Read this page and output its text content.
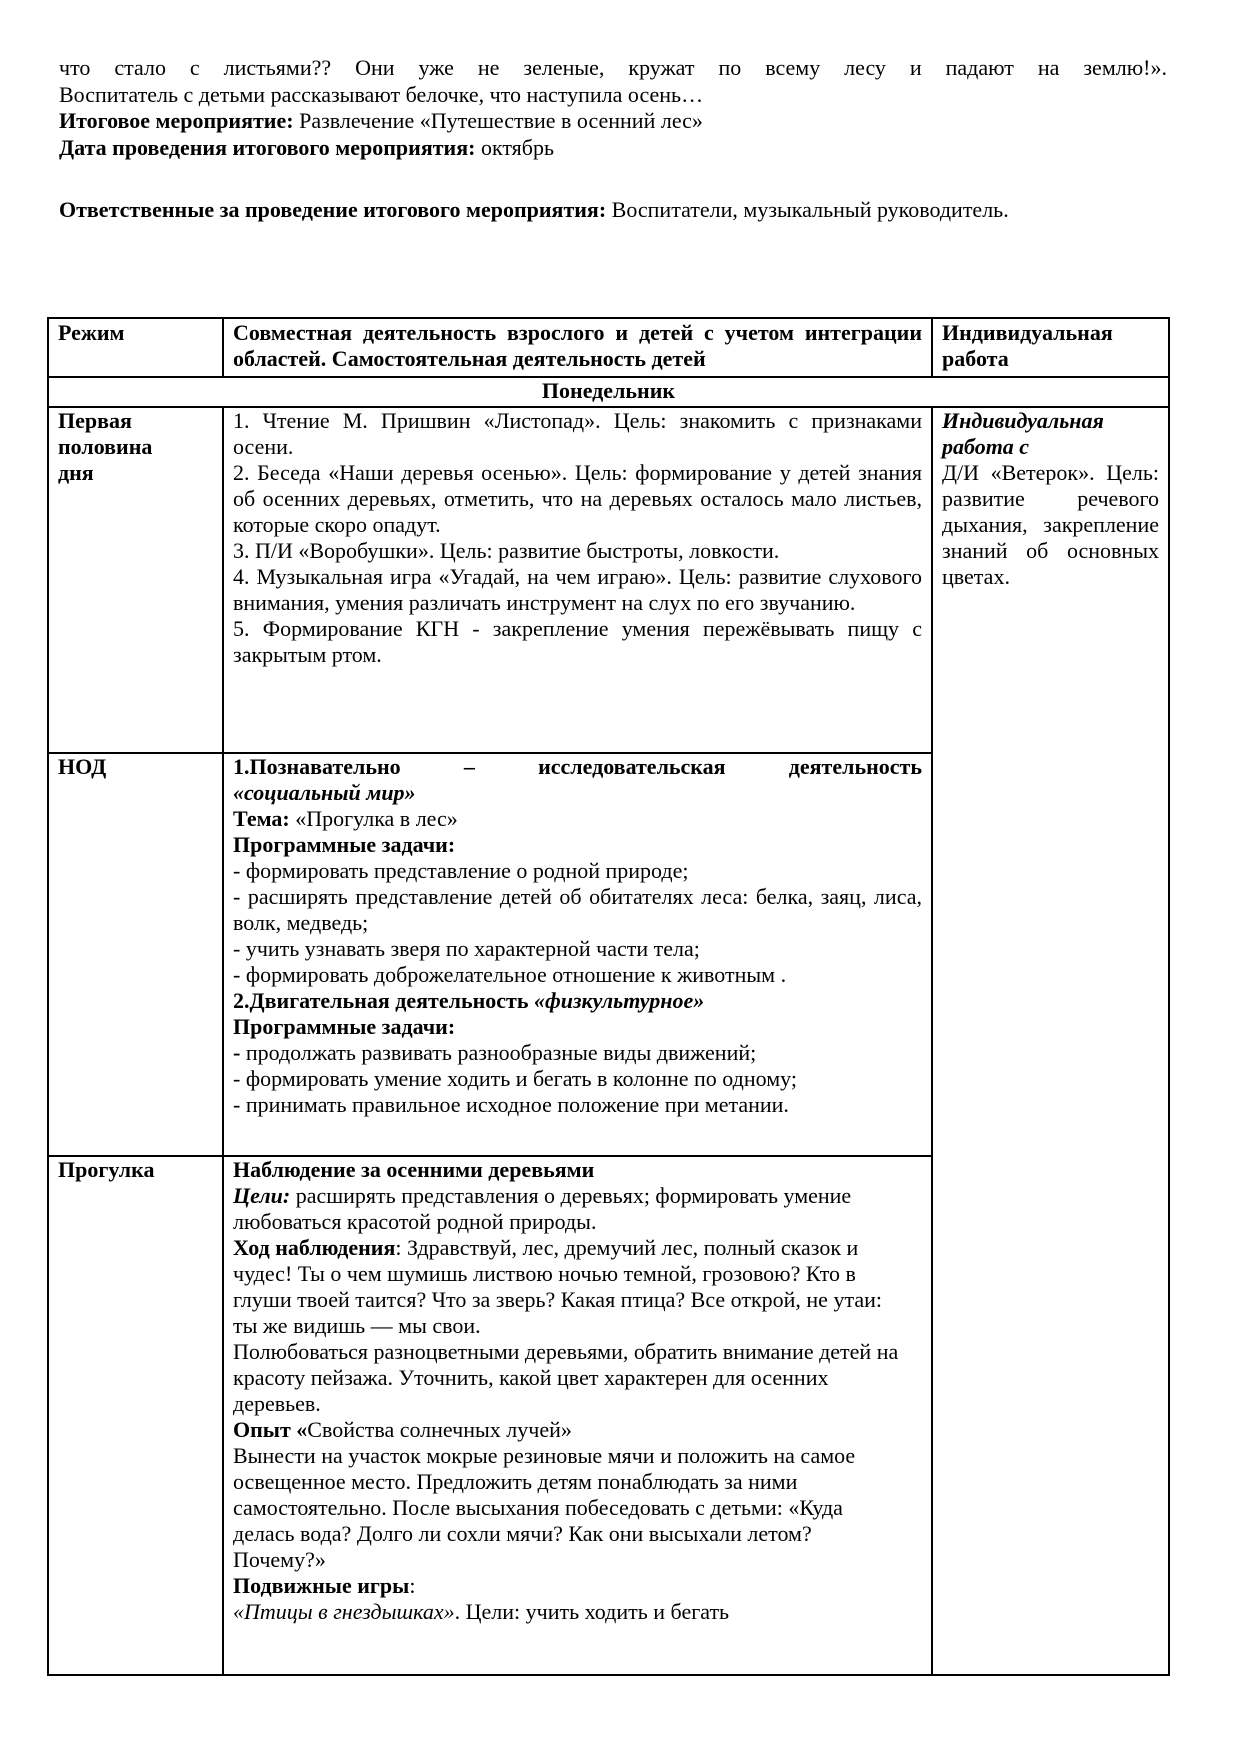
что стало с листьями?? Они уже не зеленые, кружат по всему лесу и падают на землю!».

Воспитатель с детьми рассказывают белочке, что наступила осень…

Итоговое мероприятие: Развлечение «Путешествие в осенний лес»

Дата проведения итогового мероприятия: октябрь

Ответственные за проведение итогового мероприятия: Воспитатели, музыкальный руководитель.

Режим	Совместная деятельность взрослого и детей с учетом интеграции областей. Самостоятельная деятельность детей	Индивидуальная работа
Понедельник		
Первая половина дня	1. Чтение М. Пришвин «Листопад». Цель: знакомить с признаками осени.
2. Беседа «Наши деревья осенью». Цель: формирование у детей знания об осенних деревьях, отметить, что на деревьях осталось мало листьев, которые скоро опадут.
3. П/И «Воробушки». Цель: развитие быстроты, ловкости.
4. Музыкальная игра «Угадай, на чем играю». Цель: развитие слухового внимания, умения различать инструмент на слух по его звучанию.
5. Формирование КГН - закрепление умения пережёвывать пищу с закрытым ртом.	Индивидуальная работа с
Д/И «Ветерок». Цель: развитие речевого дыхания, закрепление знаний об основных цветах.

НОД	1.Познавательно – исследовательская деятельность
«социальный мир»
Тема: «Прогулка в лес»
Программные задачи:
- формировать представление о родной природе;
- расширять представление детей об обитателях леса: белка, заяц, лиса, волк, медведь;
- учить узнавать зверя по характерной части тела;
- формировать доброжелательное отношение к животным .
2.Двигательная деятельность «физкультурное»
Программные задачи:
- продолжать развивать разнообразные виды движений;
- формировать умение ходить и бегать в колонне по одному;
- принимать правильное исходное положение при метании.

Прогулка	Наблюдение за осенними деревьями
Цели: расширять представления о деревьях; формировать умение любоваться красотой родной природы.
Ход наблюдения: Здравствуй, лес, дремучий лес, полный сказок и чудес! Ты о чем шумишь листвою ночью темной, грозовою? Кто в глуши твоей таится? Что за зверь? Какая птица? Все открой, не утаи: ты же видишь — мы свои.
Полюбоваться разноцветными деревьями, обратить внимание детей на красоту пейзажа. Уточнить, какой цвет характерен для осенних деревьев.
Опыт «Свойства солнечных лучей»
Вынести на участок мокрые резиновые мячи и положить на самое освещенное место. Предложить детям понаблюдать за ними самостоятельно. После высыхания побеседовать с детьми: «Куда делась вода? Долго ли сохли мячи? Как они высыхали летом? Почему?»
Подвижные игры:
«Птицы в гнездышках». Цели: учить ходить и бегать
